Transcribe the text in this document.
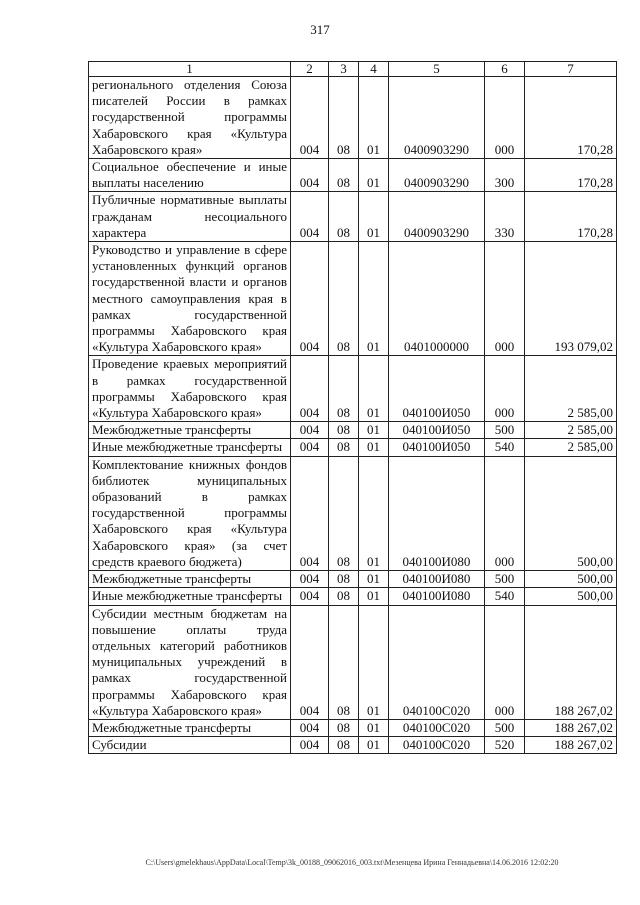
317
1	2	3	4	5	6	7
регионального отделения Союза писателей России в рамках государственной программы Хабаровского края «Культура Хабаровского края»	004	08	01	0400903290	000	170,28
Социальное обеспечение и иные выплаты населению	004	08	01	0400903290	300	170,28
Публичные нормативные выплаты гражданам несоциального характера	004	08	01	0400903290	330	170,28
Руководство и управление в сфере установленных функций органов государственной власти и органов местного самоуправления края в рамках государственной программы Хабаровского края «Культура Хабаровского края»	004	08	01	0401000000	000	193 079,02
Проведение краевых мероприятий в рамках государственной программы Хабаровского края «Культура Хабаровского края»	004	08	01	040100И050	000	2 585,00
Межбюджетные трансферты	004	08	01	040100И050	500	2 585,00
Иные межбюджетные трансферты	004	08	01	040100И050	540	2 585,00
Комплектование книжных фондов библиотек муниципальных образований в рамках государственной программы Хабаровского края «Культура Хабаровского края» (за счет средств краевого бюджета)	004	08	01	040100И080	000	500,00
Межбюджетные трансферты	004	08	01	040100И080	500	500,00
Иные межбюджетные трансферты	004	08	01	040100И080	540	500,00
Субсидии местным бюджетам на повышение оплаты труда отдельных категорий работников муниципальных учреждений в рамках государственной программы Хабаровского края «Культура Хабаровского края»	004	08	01	040100С020	000	188 267,02
Межбюджетные трансферты	004	08	01	040100С020	500	188 267,02
Субсидии	004	08	01	040100С020	520	188 267,02
C:\Users\gmelekhaus\AppData\Local\Temp\3k_00188_09062016_003.txt\Мезенцева Ирина Геннадьевна\14.06.2016 12:02:20
